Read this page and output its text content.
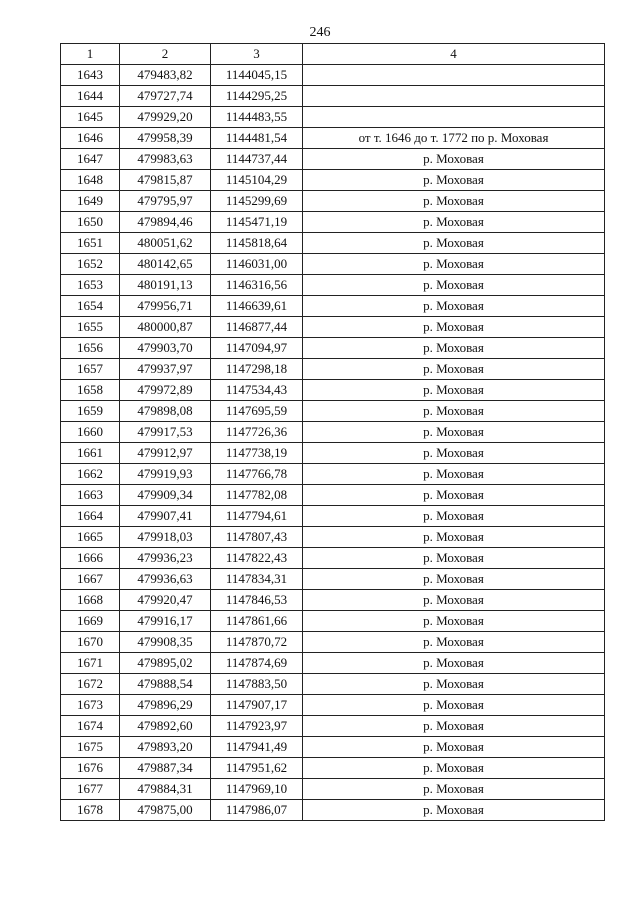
246
1	2	3	4
1643	479483,82	1144045,15	
1644	479727,74	1144295,25	
1645	479929,20	1144483,55	
1646	479958,39	1144481,54	от т. 1646 до т. 1772 по р. Моховая
1647	479983,63	1144737,44	р. Моховая
1648	479815,87	1145104,29	р. Моховая
1649	479795,97	1145299,69	р. Моховая
1650	479894,46	1145471,19	р. Моховая
1651	480051,62	1145818,64	р. Моховая
1652	480142,65	1146031,00	р. Моховая
1653	480191,13	1146316,56	р. Моховая
1654	479956,71	1146639,61	р. Моховая
1655	480000,87	1146877,44	р. Моховая
1656	479903,70	1147094,97	р. Моховая
1657	479937,97	1147298,18	р. Моховая
1658	479972,89	1147534,43	р. Моховая
1659	479898,08	1147695,59	р. Моховая
1660	479917,53	1147726,36	р. Моховая
1661	479912,97	1147738,19	р. Моховая
1662	479919,93	1147766,78	р. Моховая
1663	479909,34	1147782,08	р. Моховая
1664	479907,41	1147794,61	р. Моховая
1665	479918,03	1147807,43	р. Моховая
1666	479936,23	1147822,43	р. Моховая
1667	479936,63	1147834,31	р. Моховая
1668	479920,47	1147846,53	р. Моховая
1669	479916,17	1147861,66	р. Моховая
1670	479908,35	1147870,72	р. Моховая
1671	479895,02	1147874,69	р. Моховая
1672	479888,54	1147883,50	р. Моховая
1673	479896,29	1147907,17	р. Моховая
1674	479892,60	1147923,97	р. Моховая
1675	479893,20	1147941,49	р. Моховая
1676	479887,34	1147951,62	р. Моховая
1677	479884,31	1147969,10	р. Моховая
1678	479875,00	1147986,07	р. Моховая
